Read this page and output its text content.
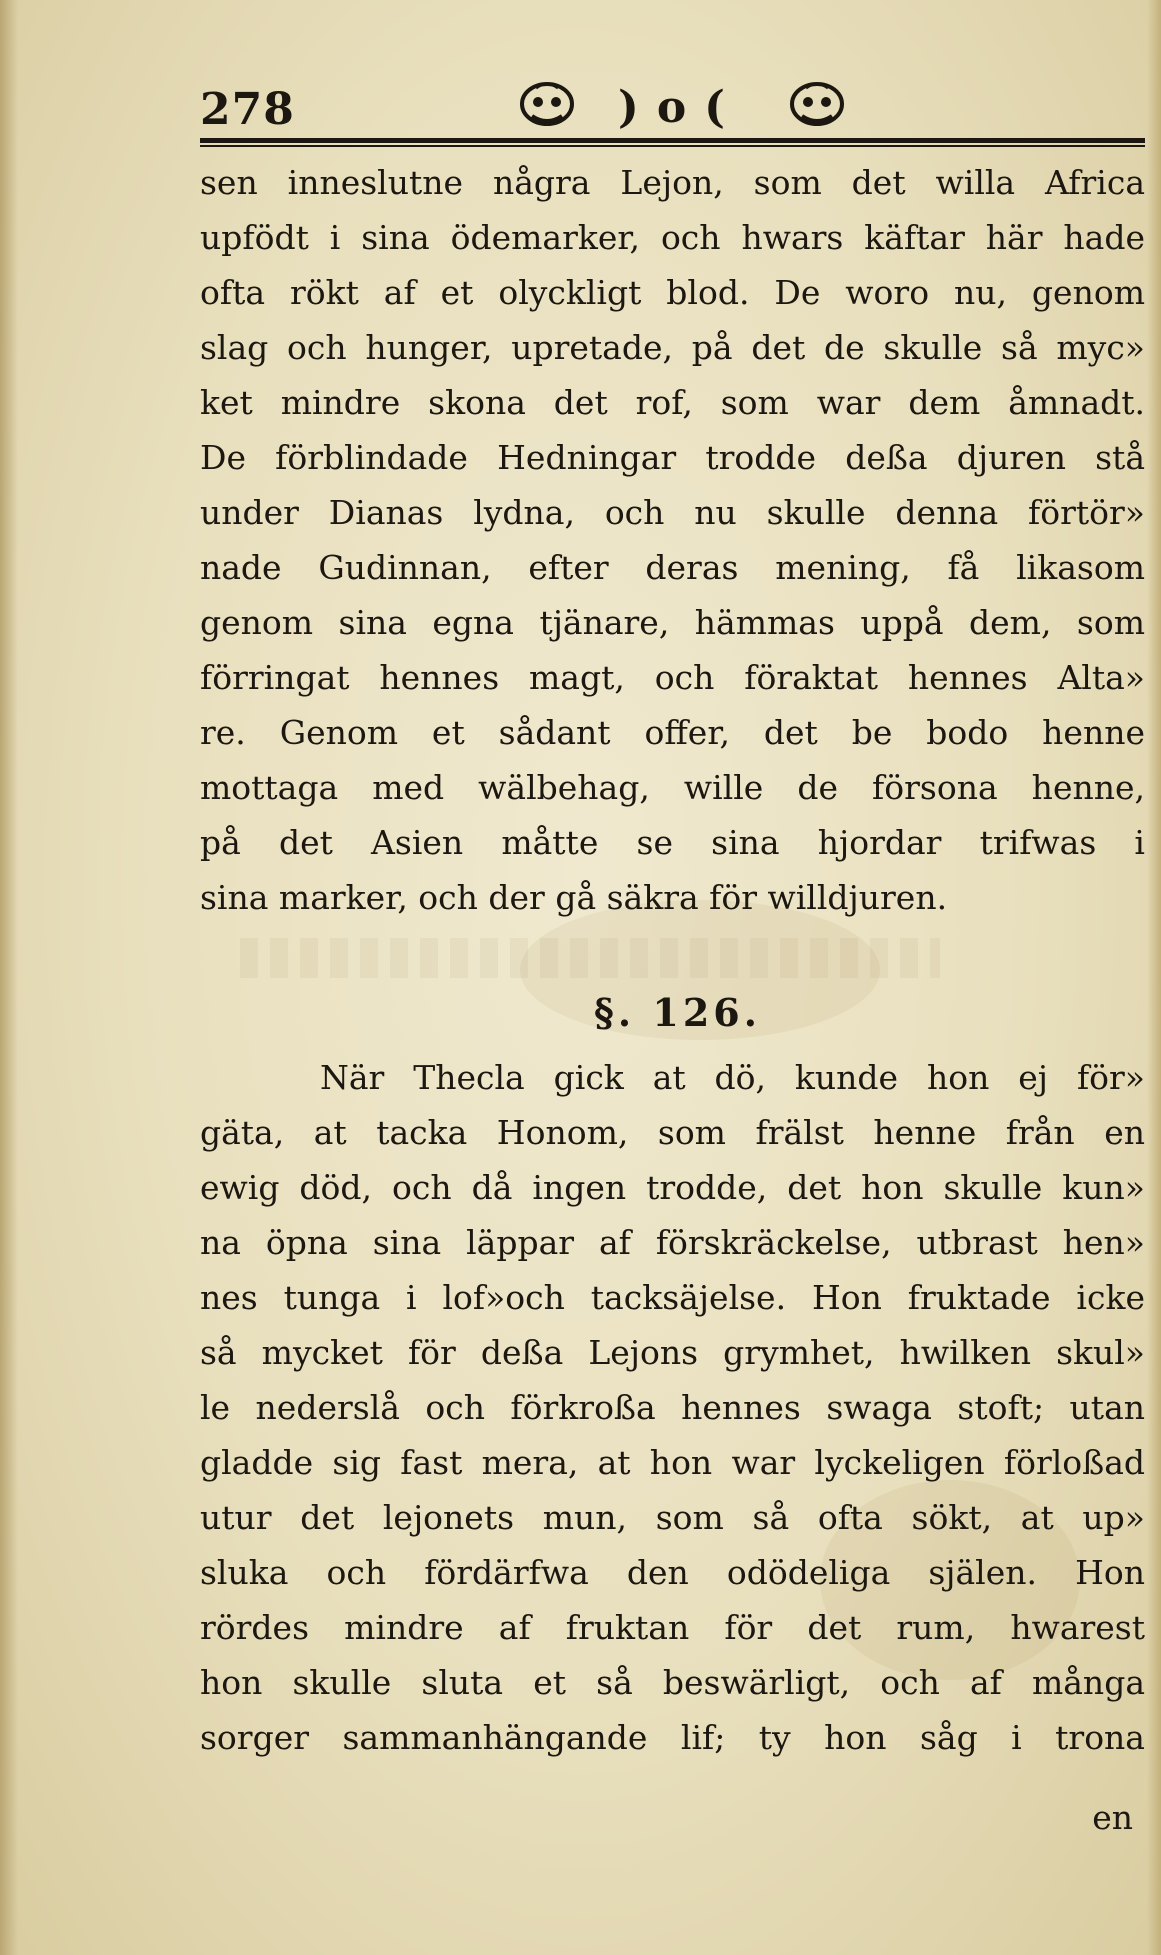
278	)o(
sen inneslutne några Lejon, som det willa Africa
upfödt i sina ödemarker, och hwars käftar här hade
ofta rökt af et olyckligt blod. De woro nu, genom
slag och hunger, upretade, på det de skulle så myc»
ket mindre skona det rof, som war dem åmnadt.
De förblindade Hedningar trodde deßa djuren stå
under Dianas lydna, och nu skulle denna förtör»
nade Gudinnan, efter deras mening, få likasom
genom sina egna tjänare, hämmas uppå dem, som
förringat hennes magt, och föraktat hennes Alta»
re. Genom et sådant offer, det be bodo henne
mottaga med wälbehag, wille de försona henne,
på det Asien måtte se sina hjordar trifwas i
sina marker, och der gå säkra för willdjuren.
§. 126.
När Thecla gick at dö, kunde hon ej för»
gäta, at tacka Honom, som frälst henne från en
ewig död, och då ingen trodde, det hon skulle kun»
na öpna sina läppar af förskräckelse, utbrast hen»
nes tunga i lof»och tacksäjelse. Hon fruktade icke
så mycket för deßa Lejons grymhet, hwilken skul»
le nederslå och förkroßa hennes swaga stoft; utan
gladde sig fast mera, at hon war lyckeligen förloßad
utur det lejonets mun, som så ofta sökt, at up»
sluka och fördärfwa den odödeliga själen. Hon
rördes mindre af fruktan för det rum, hwarest
hon skulle sluta et så beswärligt, och af många
sorger sammanhängande lif; ty hon såg i trona
en
